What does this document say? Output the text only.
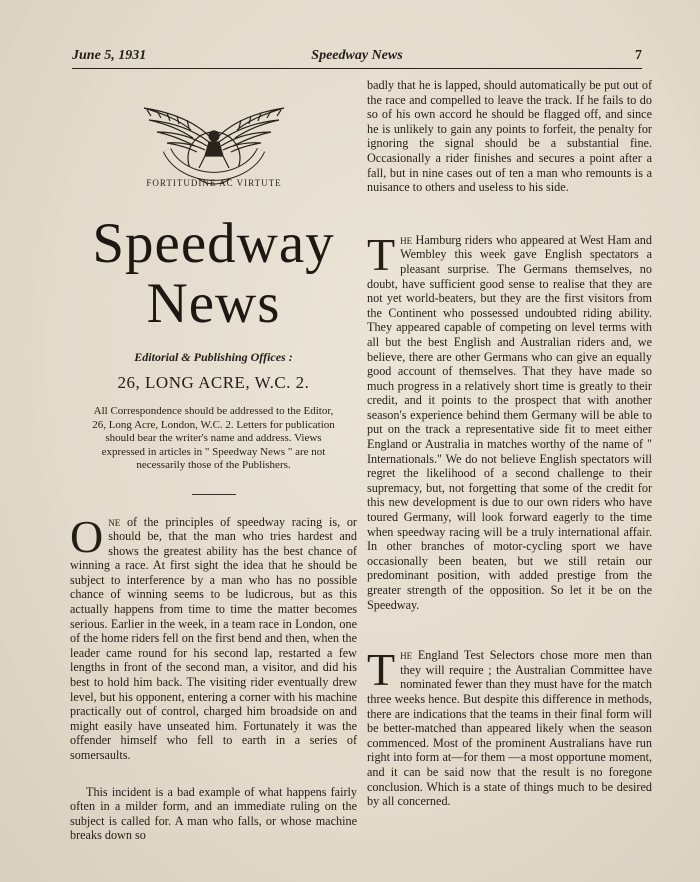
June 5, 1931	Speedway News	7
FORTITUDINE AC VIRTUTE
Speedway
News
Editorial & Publishing Offices :
26, LONG ACRE, W.C. 2.
All Correspondence should be addressed to the Editor, 26, Long Acre, London, W.C. 2. Letters for publication should bear the writer's name and address. Views expressed in articles in " Speedway News " are not necessarily those of the Publishers.

One of the principles of speedway racing is, or should be, that the man who tries hardest and shows the greatest ability has the best chance of winning a race. At first sight the idea that he should be subject to interference by a man who has no possible chance of winning seems to be ludicrous, but as this actually happens from time to time the matter becomes serious. Earlier in the week, in a team race in London, one of the home riders fell on the first bend and then, when the leader came round for his second lap, restarted a few lengths in front of the second man, a visitor, and did his best to hold him back. The visiting rider eventually drew level, but his opponent, entering a corner with his machine practically out of control, charged him broadside on and might easily have unseated him. Fortunately it was the offender himself who fell to earth in a series of somersaults.

This incident is a bad example of what happens fairly often in a milder form, and an immediate ruling on the subject is called for. A man who falls, or whose machine breaks down so

badly that he is lapped, should automatically be put out of the race and compelled to leave the track. If he fails to do so of his own accord he should be flagged off, and since he is unlikely to gain any points to forfeit, the penalty for ignoring the signal should be a substantial fine. Occasionally a rider finishes and secures a point after a fall, but in nine cases out of ten a man who remounts is a nuisance to others and useless to his side.

The Hamburg riders who appeared at West Ham and Wembley this week gave English spectators a pleasant surprise. The Germans themselves, no doubt, have sufficient good sense to realise that they are not yet world-beaters, but they are the first visitors from the Continent who possessed undoubted riding ability. They appeared capable of competing on level terms with all but the best English and Australian riders and, we believe, there are other Germans who can give an equally good account of themselves. That they have made so much progress in a relatively short time is greatly to their credit, and it points to the prospect that with another season's experience behind them Germany will be able to put on the track a representative side fit to meet either England or Australia in matches worthy of the name of " Internationals." We do not believe English spectators will regret the likelihood of a second challenge to their supremacy, but, not forgetting that some of the credit for this new development is due to our own riders who have toured Germany, will look forward eagerly to the time when speedway racing will be a truly international affair. In other branches of motor-cycling sport we have occasionally been beaten, but we still retain our predominant position, with added prestige from the greater strength of the opposition. So let it be on the Speedway.

The England Test Selectors chose more men than they will require ; the Australian Committee have nominated fewer than they must have for the match three weeks hence. But despite this difference in methods, there are indications that the teams in their final form will be better-matched than appeared likely when the season commenced. Most of the prominent Australians have run right into form at—for them —a most opportune moment, and it can be said now that the result is no foregone conclusion. Which is a state of things much to be desired by all concerned.
